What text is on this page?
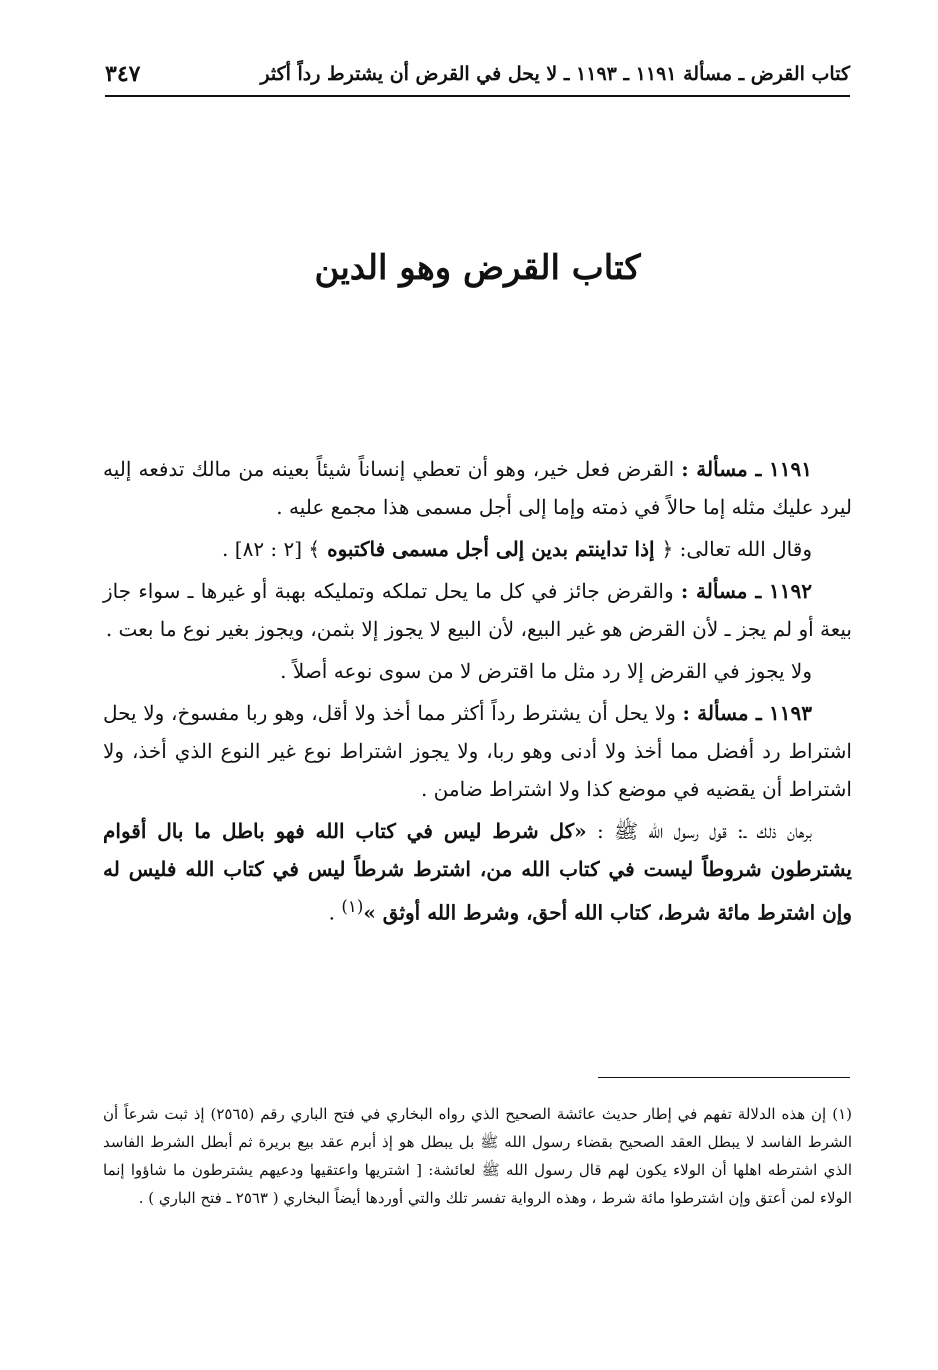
كتاب القرض ـ مسألة ١١٩١ ـ ١١٩٣ ـ لا يحل في القرض أن يشترط رداً أكثر
٣٤٧
كتاب القرض وهو الدين

١١٩١ ـ مسألة : القرض فعل خير، وهو أن تعطي إنساناً شيئاً بعينه من مالك تدفعه إليه ليرد عليك مثله إما حالاً في ذمته وإما إلى أجل مسمى هذا مجمع عليه .

وقال الله تعالى: ﴿ إذا تداينتم بدين إلى أجل مسمى فاكتبوه ﴾ [٢ : ٨٢] .

١١٩٢ ـ مسألة : والقرض جائز في كل ما يحل تملكه وتمليكه بهبة أو غيرها ـ سواء جاز بيعة أو لم يجز ـ لأن القرض هو غير البيع، لأن البيع لا يجوز إلا بثمن، ويجوز بغير نوع ما بعت .

ولا يجوز في القرض إلا رد مثل ما اقترض لا من سوى نوعه أصلاً .

١١٩٣ ـ مسألة : ولا يحل أن يشترط رداً أكثر مما أخذ ولا أقل، وهو ربا مفسوخ، ولا يحل اشتراط رد أفضل مما أخذ ولا أدنى وهو ربا، ولا يجوز اشتراط نوع غير النوع الذي أخذ، ولا اشتراط أن يقضيه في موضع كذا ولا اشتراط ضامن .

برهان ذلك ـ: قول رسول الله ﷺ : «كل شرط ليس في كتاب الله فهو باطل ما بال أقوام يشترطون شروطاً ليست في كتاب الله من، اشترط شرطاً ليس في كتاب الله فليس له وإن اشترط مائة شرط، كتاب الله أحق، وشرط الله أوثق »$^{(١)}$ .

(١)إن هذه الدلالة تفهم في إطار حديث عائشة الصحيح الذي رواه البخاري في فتح الباري رقم (٢٥٦٥) إذ ثبت شرعاً أن الشرط الفاسد لا يبطل العقد الصحيح بقضاء رسول الله ﷺ بل يبطل هو إذ أبرم عقد بيع بريرة ثم أبطل الشرط الفاسد الذي اشترطه اهلها أن الولاء يكون لهم قال رسول الله ﷺ لعائشة: [ اشتريها واعتقيها ودعيهم يشترطون ما شاؤوا إنما الولاء لمن أعتق وإن اشترطوا مائة شرط ، وهذه الرواية تفسر تلك والتي أوردها أيضاً البخاري ( ٢٥٦٣ ـ فتح الباري ) .
